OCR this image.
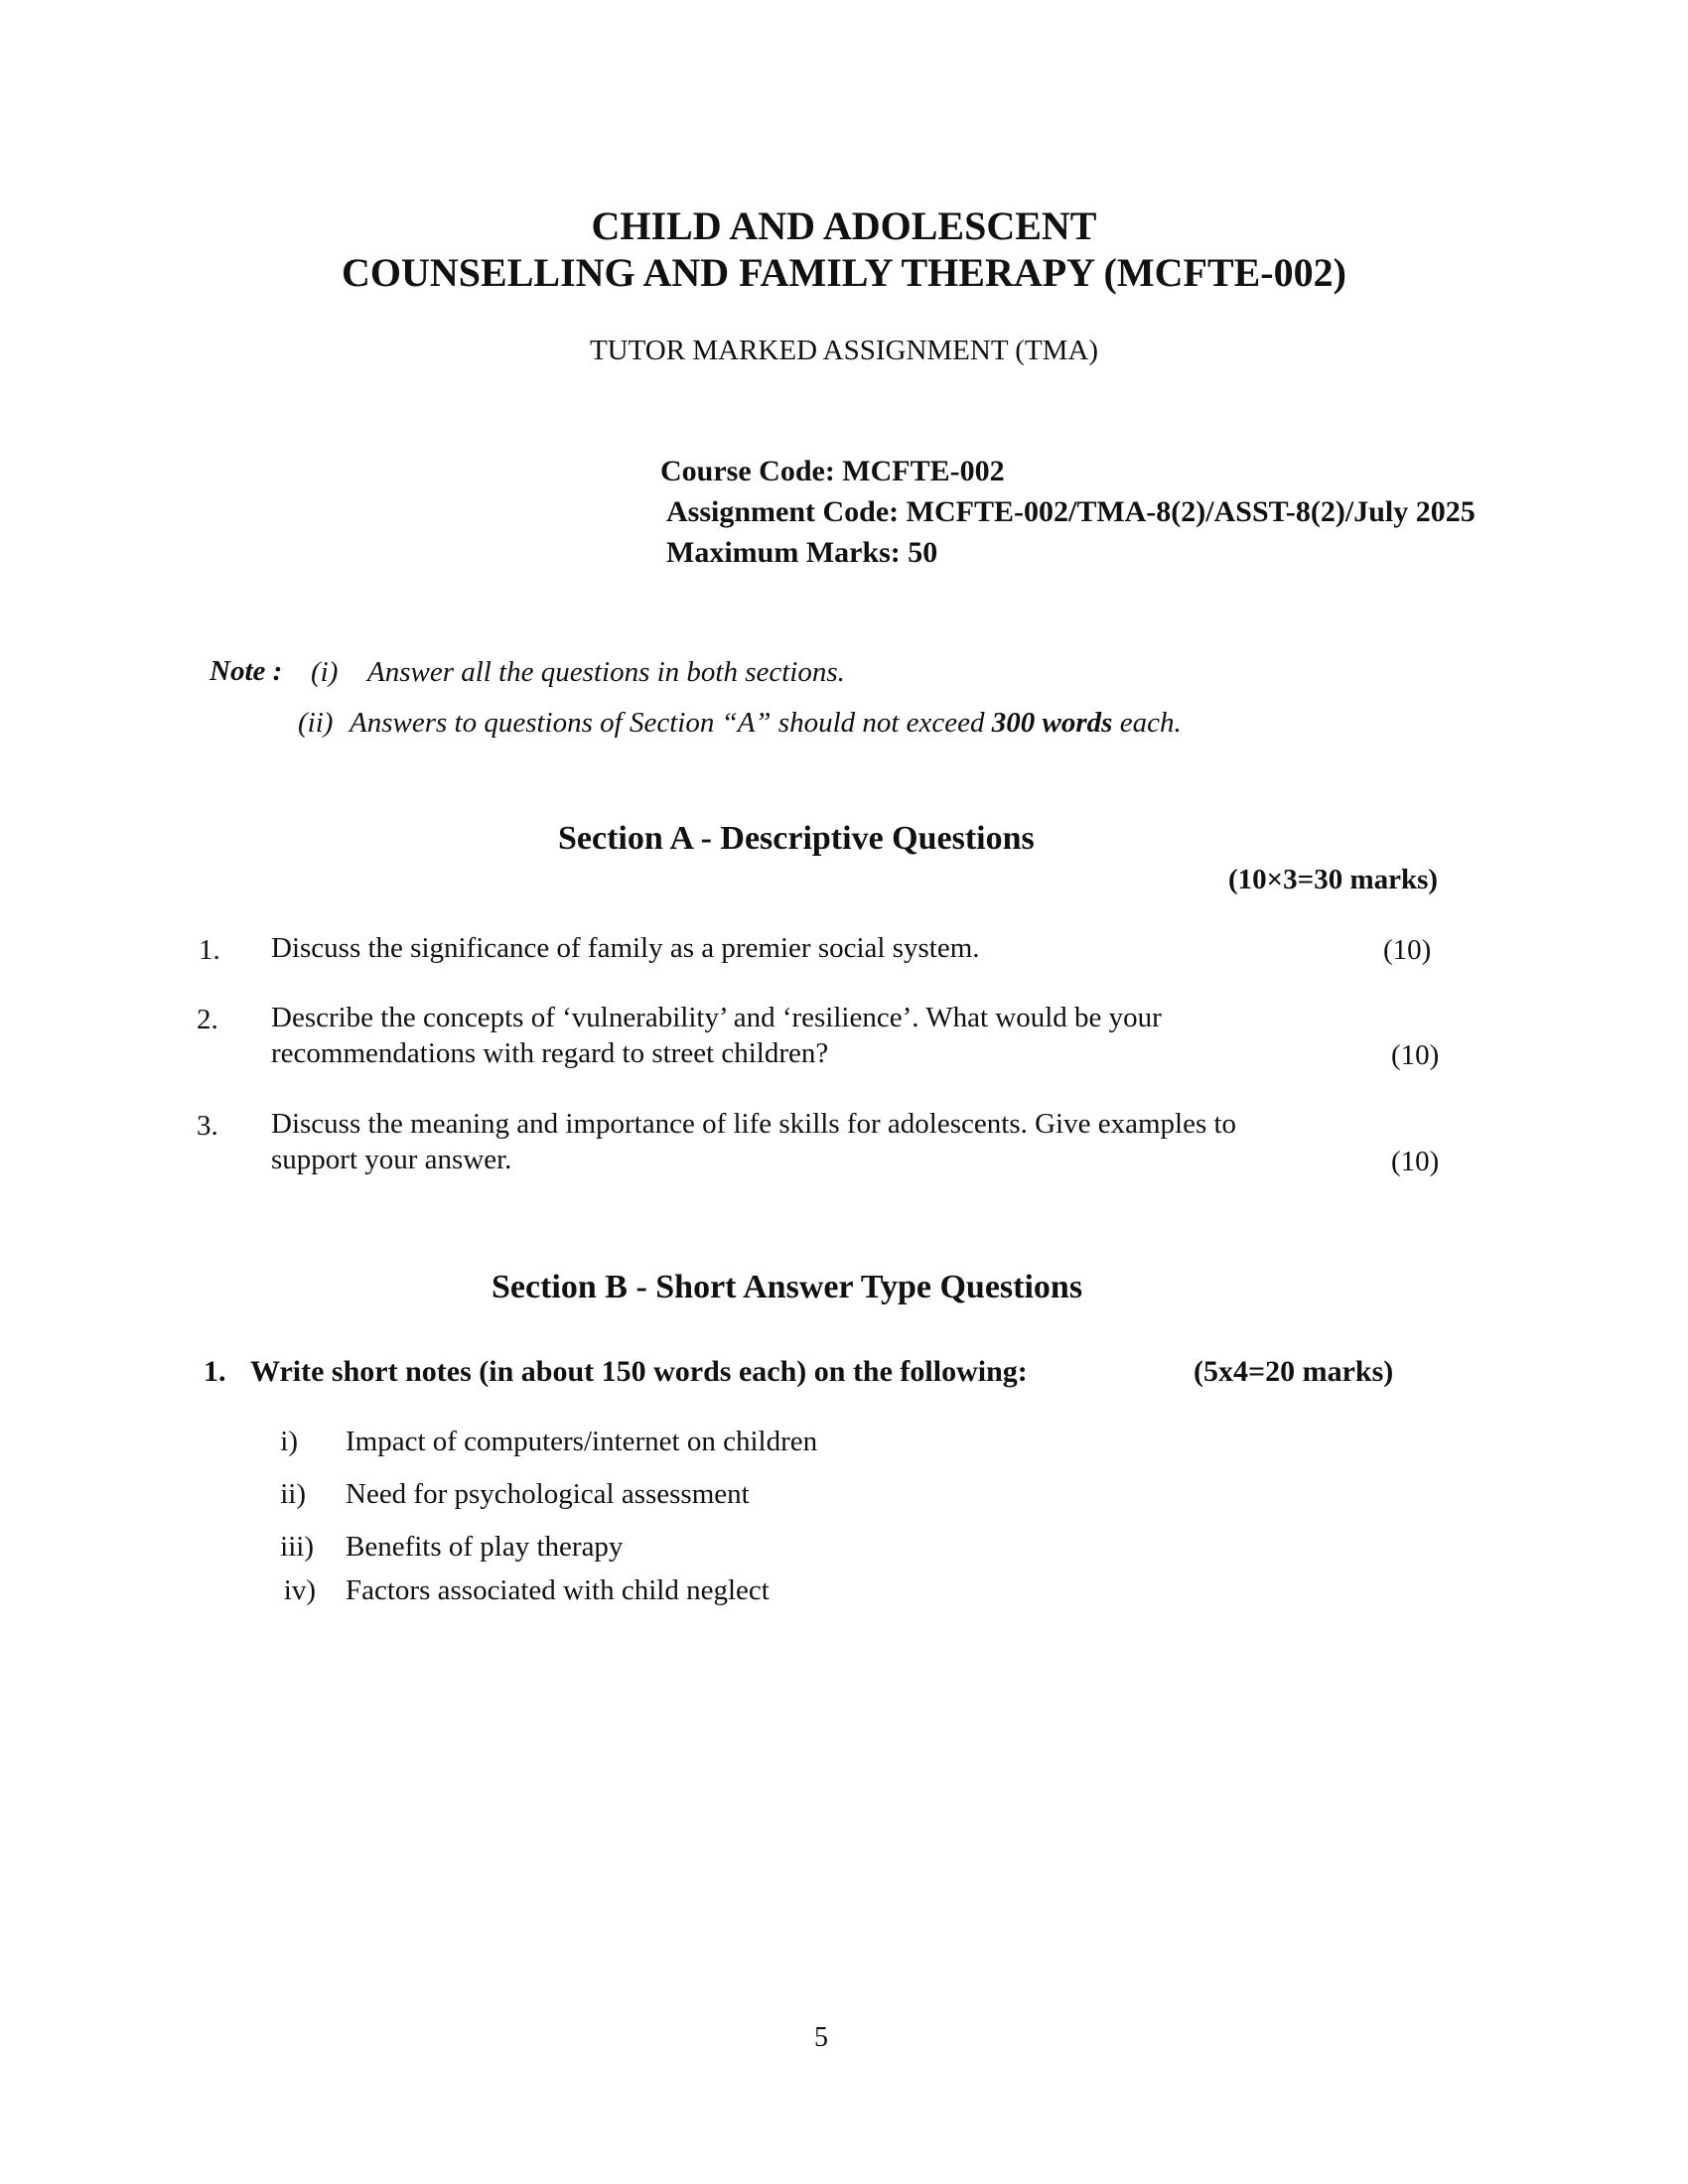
CHILD AND ADOLESCENT
COUNSELLING AND FAMILY THERAPY (MCFTE-002)
TUTOR MARKED ASSIGNMENT (TMA)
Course Code: MCFTE-002
Assignment Code: MCFTE-002/TMA-8(2)/ASST-8(2)/July 2025
Maximum Marks: 50
Note : (i) Answer all the questions in both sections.
(ii) Answers to questions of Section “A” should not exceed 300 words each.
Section A - Descriptive Questions
(10×3=30 marks)
1. Discuss the significance of family as a premier social system.	(10)
2. Describe the concepts of ‘vulnerability’ and ‘resilience’. What would be your
recommendations with regard to street children?	(10)
3. Discuss the meaning and importance of life skills for adolescents. Give examples to
support your answer.	(10)
Section B - Short Answer Type Questions
1. Write short notes (in about 150 words each) on the following:	(5x4=20 marks)
i) Impact of computers/internet on children
ii) Need for psychological assessment
iii) Benefits of play therapy
iv) Factors associated with child neglect
5
